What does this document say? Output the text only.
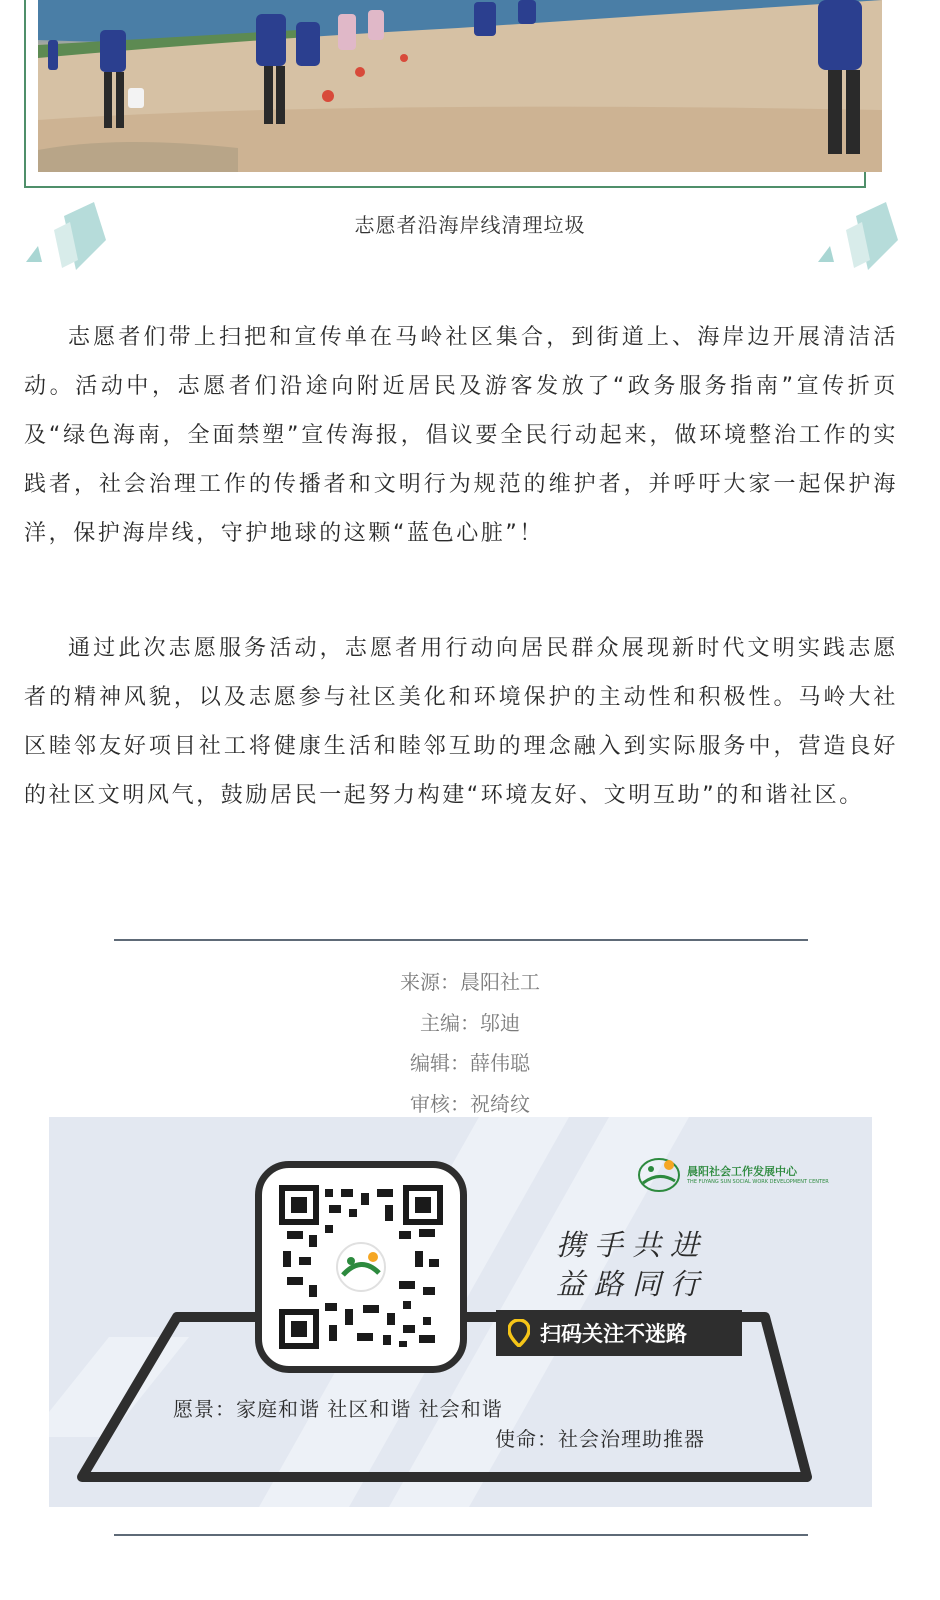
志愿者沿海岸线清理垃圾

志愿者们带上扫把和宣传单在马岭社区集合，到街道上、海岸边开展清洁活动。活动中，志愿者们沿途向附近居民及游客发放了“政务服务指南”宣传折页及“绿色海南，全面禁塑”宣传海报，倡议要全民行动起来，做环境整治工作的实践者，社会治理工作的传播者和文明行为规范的维护者，并呼吁大家一起保护海洋，保护海岸线，守护地球的这颗“蓝色心脏”！

通过此次志愿服务活动，志愿者用行动向居民群众展现新时代文明实践志愿者的精神风貌，以及志愿参与社区美化和环境保护的主动性和积极性。马岭大社区睦邻友好项目社工将健康生活和睦邻互助的理念融入到实际服务中，营造良好的社区文明风气，鼓励居民一起努力构建“环境友好、文明互助”的和谐社区。

来源：晨阳社工
主编：邬迪
编辑：薛伟聪
审核：祝绮纹
晨阳社会工作发展中心
THE FUYANG SUN SOCIAL WORK DEVELOPMENT CENTER
携手共进
益路同行
扫码关注不迷路
愿景：家庭和谐 社区和谐 社会和谐
使命：社会治理助推器
